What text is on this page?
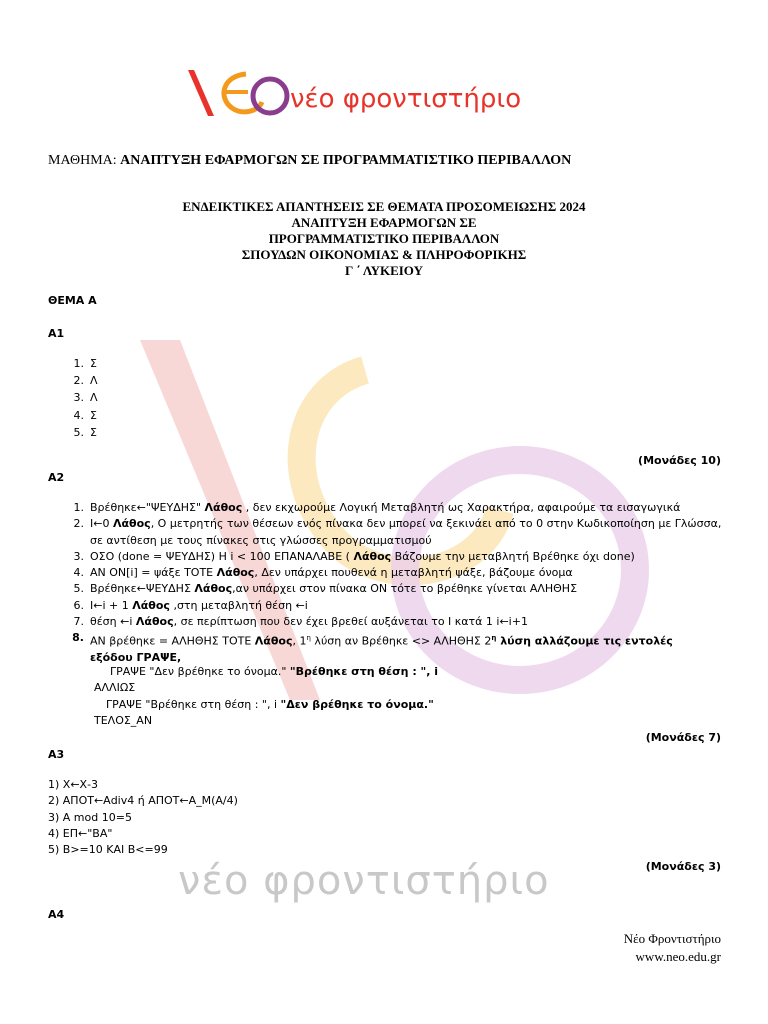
νέο φροντιστήριο
νέο φροντιστήριο
ΜΑΘΗΜΑ: ΑΝΑΠΤΥΞΗ ΕΦΑΡΜΟΓΩΝ ΣΕ ΠΡΟΓΡΑΜΜΑΤΙΣΤΙΚΟ ΠΕΡΙΒΑΛΛΟΝ
ΕΝΔΕΙΚΤΙΚΕΣ ΑΠΑΝΤΗΣΕΙΣ ΣΕ ΘΕΜΑΤΑ ΠΡΟΣΟΜΕΙΩΣΗΣ 2024
ΑΝΑΠΤΥΞΗ ΕΦΑΡΜΟΓΩΝ ΣΕ
ΠΡΟΓΡΑΜΜΑΤΙΣΤΙΚΟ ΠΕΡΙΒΑΛΛΟΝ
ΣΠΟΥΔΩΝ ΟΙΚΟΝΟΜΙΑΣ & ΠΛΗΡΟΦΟΡΙΚΗΣ
Γ ΄ ΛΥΚΕΙΟΥ
ΘΕΜΑ Α
Α1
1. Σ
2. Λ
3. Λ
4. Σ
5. Σ
(Μονάδες 10)
Α2
1. Βρέθηκε←"ΨΕΥΔΗΣ" Λάθος , δεν εκχωρούμε Λογική Μεταβλητή ως Χαρακτήρα, αφαιρούμε τα εισαγωγικά
2. Ι←0 Λάθος, Ο μετρητής των θέσεων ενός πίνακα δεν μπορεί να ξεκινάει από το 0 στην Κωδικοποίηση με Γλώσσα, σε αντίθεση με τους πίνακες στις γλώσσες προγραμματισμού
3. ΟΣΟ (done = ΨΕΥΔΗΣ) Η i < 100 ΕΠΑΝΑΛΑΒΕ ( Λάθος Βάζουμε την μεταβλητή Βρέθηκε όχι done)
4. ΑΝ ΟΝ[i] = ψάξε ΤΟΤΕ Λάθος, Δεν υπάρχει πουθενά η μεταβλητή ψάξε, βάζουμε όνομα
5. Βρέθηκε←ΨΕΥΔΗΣ Λάθος,αν υπάρχει στον πίνακα ΟΝ τότε το βρέθηκε γίνεται ΑΛΗΘΗΣ
6. Ι←i + 1 Λάθος ,στη μεταβλητή θέση ←i
7. θέση ←i Λάθος, σε περίπτωση που δεν έχει βρεθεί αυξάνεται το Ι κατά 1 i←i+1
8. ΑΝ βρέθηκε = ΑΛΗΘΗΣ ΤΟΤΕ Λάθος, $1^\eta$ λύση αν Βρέθηκε <> ΑΛΗΘΗΣ $2^\eta$ λύση αλλάζουμε τις εντολές
εξόδου ΓΡΑΨΕ,
ΓΡΑΨΕ "Δεν βρέθηκε το όνομα." "Βρέθηκε στη θέση : ", i
ΑΛΛΙΩΣ
ΓΡΑΨΕ "Βρέθηκε στη θέση : ", i "Δεν βρέθηκε το όνομα."
ΤΕΛΟΣ_ΑΝ
(Μονάδες 7)
Α3
1) Χ←Χ-3
2) ΑΠΟΤ←Αdiv4 ή ΑΠΟΤ←Α_Μ(Α/4)
3) Α mod 10=5
4) ΕΠ←"ΒΑ"
5) Β>=10 ΚΑΙ Β<=99
(Μονάδες 3)
Α4
Νέο Φροντιστήριο
www.neo.edu.gr
